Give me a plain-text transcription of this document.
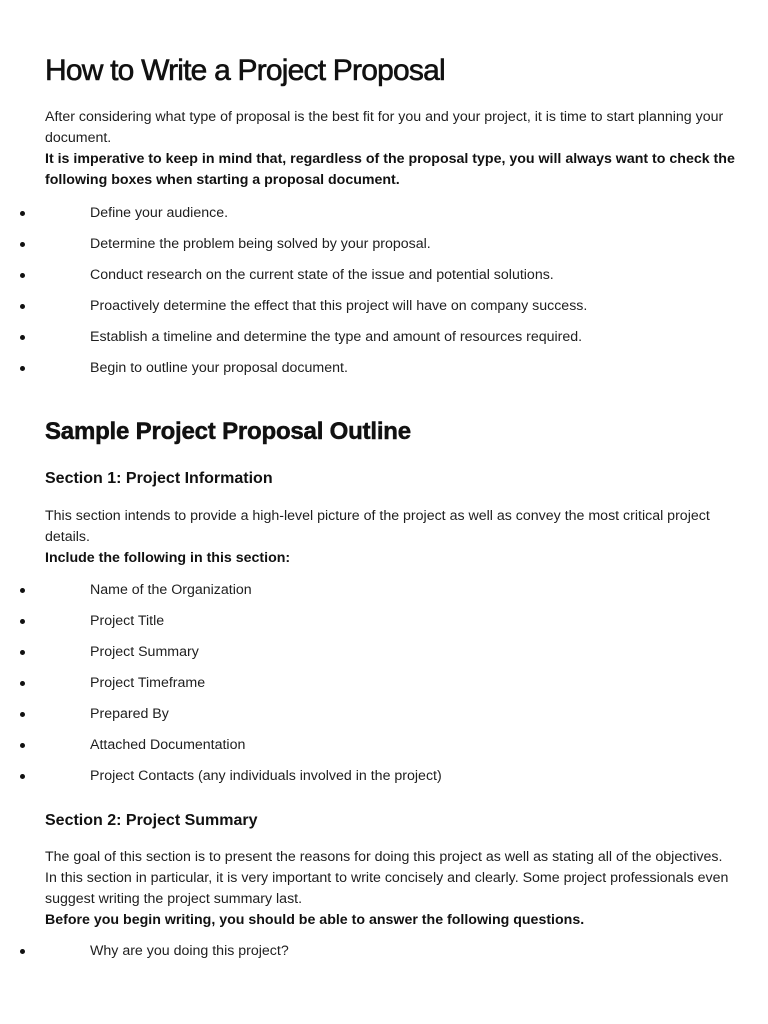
How to Write a Project Proposal
After considering what type of proposal is the best fit for you and your project, it is time to start planning your document.
It is imperative to keep in mind that, regardless of the proposal type, you will always want to check the following boxes when starting a proposal document.
Define your audience.
Determine the problem being solved by your proposal.
Conduct research on the current state of the issue and potential solutions.
Proactively determine the effect that this project will have on company success.
Establish a timeline and determine the type and amount of resources required.
Begin to outline your proposal document.
Sample Project Proposal Outline
Section 1: Project Information
This section intends to provide a high-level picture of the project as well as convey the most critical project details.
Include the following in this section:
Name of the Organization
Project Title
Project Summary
Project Timeframe
Prepared By
Attached Documentation
Project Contacts (any individuals involved in the project)
Section 2: Project Summary
The goal of this section is to present the reasons for doing this project as well as stating all of the objectives. In this section in particular, it is very important to write concisely and clearly. Some project professionals even suggest writing the project summary last.
Before you begin writing, you should be able to answer the following questions.
Why are you doing this project?
